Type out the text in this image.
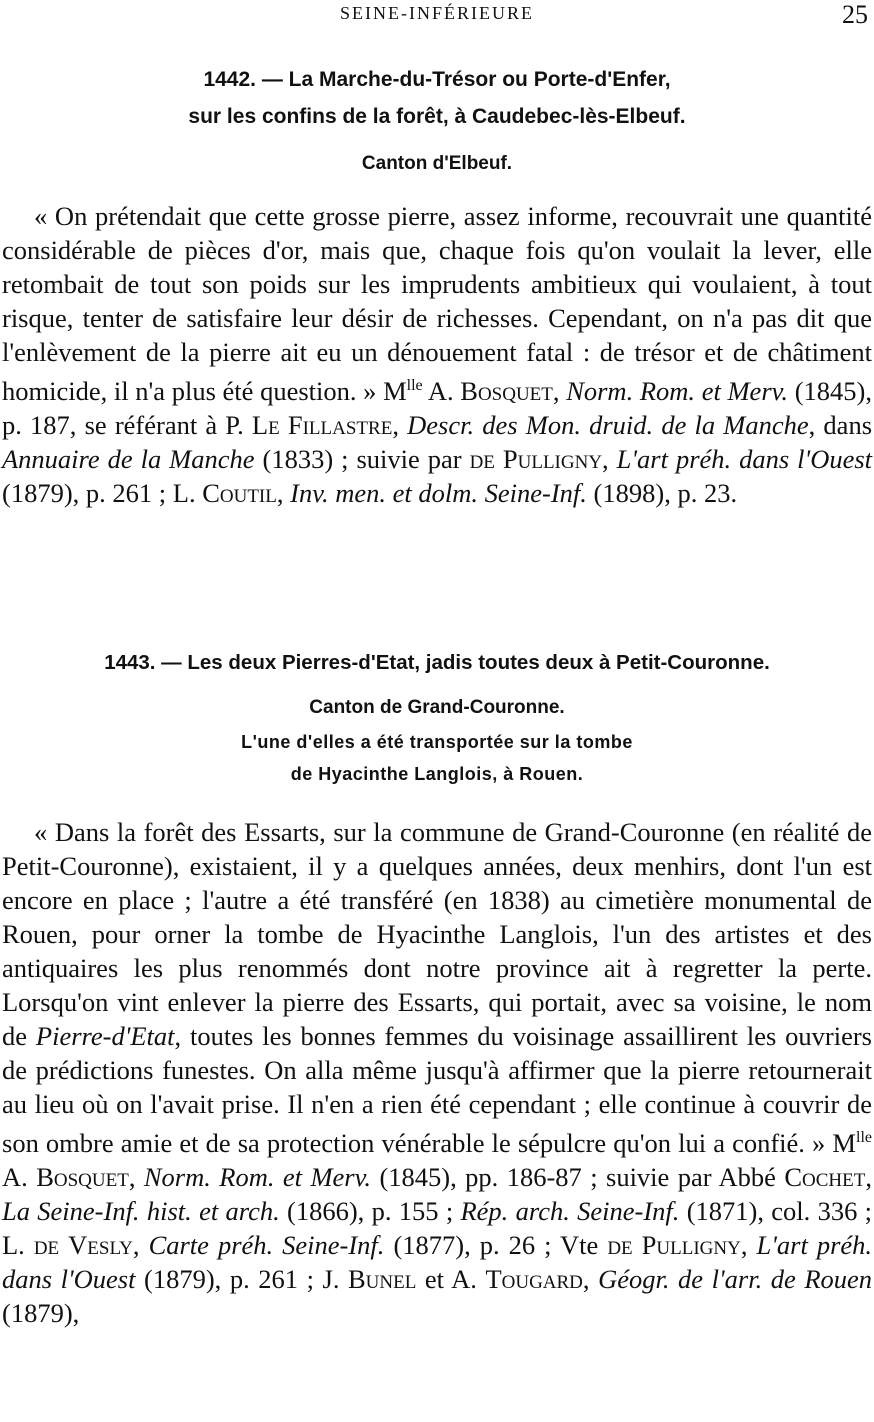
SEINE-INFÉRIEURE	25
1442. — La Marche-du-Trésor ou Porte-d'Enfer,
sur les confins de la forêt, à Caudebec-lès-Elbeuf.
Canton d'Elbeuf.
« On prétendait que cette grosse pierre, assez informe, recouvrait une quantité considérable de pièces d'or, mais que, chaque fois qu'on voulait la lever, elle retombait de tout son poids sur les imprudents ambitieux qui voulaient, à tout risque, tenter de satisfaire leur désir de richesses. Cependant, on n'a pas dit que l'enlèvement de la pierre ait eu un dénouement fatal : de trésor et de châtiment homicide, il n'a plus été question. » $M^{lle}$ A. Bosquet, Norm. Rom. et Merv. (1845), p. 187, se référant à P. Le Fillastre, Descr. des Mon. druid. de la Manche, dans Annuaire de la Manche (1833) ; suivie par de Pulligny, L'art préh. dans l'Ouest (1879), p. 261 ; L. Coutil, Inv. men. et dolm. Seine-Inf. (1898), p. 23.
1443. — Les deux Pierres-d'Etat, jadis toutes deux à Petit-Couronne.
Canton de Grand-Couronne.
L'une d'elles a été transportée sur la tombe
de Hyacinthe Langlois, à Rouen.
« Dans la forêt des Essarts, sur la commune de Grand-Couronne (en réalité de Petit-Couronne), existaient, il y a quelques années, deux menhirs, dont l'un est encore en place ; l'autre a été transféré (en 1838) au cimetière monumental de Rouen, pour orner la tombe de Hyacinthe Langlois, l'un des artistes et des antiquaires les plus renommés dont notre province ait à regretter la perte. Lorsqu'on vint enlever la pierre des Essarts, qui portait, avec sa voisine, le nom de Pierre-d'Etat, toutes les bonnes femmes du voisinage assaillirent les ouvriers de prédictions funestes. On alla même jusqu'à affirmer que la pierre retournerait au lieu où on l'avait prise. Il n'en a rien été cependant ; elle continue à couvrir de son ombre amie et de sa protection vénérable le sépulcre qu'on lui a confié. » $M^{lle}$ A. Bosquet, Norm. Rom. et Merv. (1845), pp. 186-87 ; suivie par Abbé Cochet, La Seine-Inf. hist. et arch. (1866), p. 155 ; Rép. arch. Seine-Inf. (1871), col. 336 ; L. de Vesly, Carte préh. Seine-Inf. (1877), p. 26 ; Vte de Pulligny, L'art préh. dans l'Ouest (1879), p. 261 ; J. Bunel et A. Tougard, Géogr. de l'arr. de Rouen (1879),
